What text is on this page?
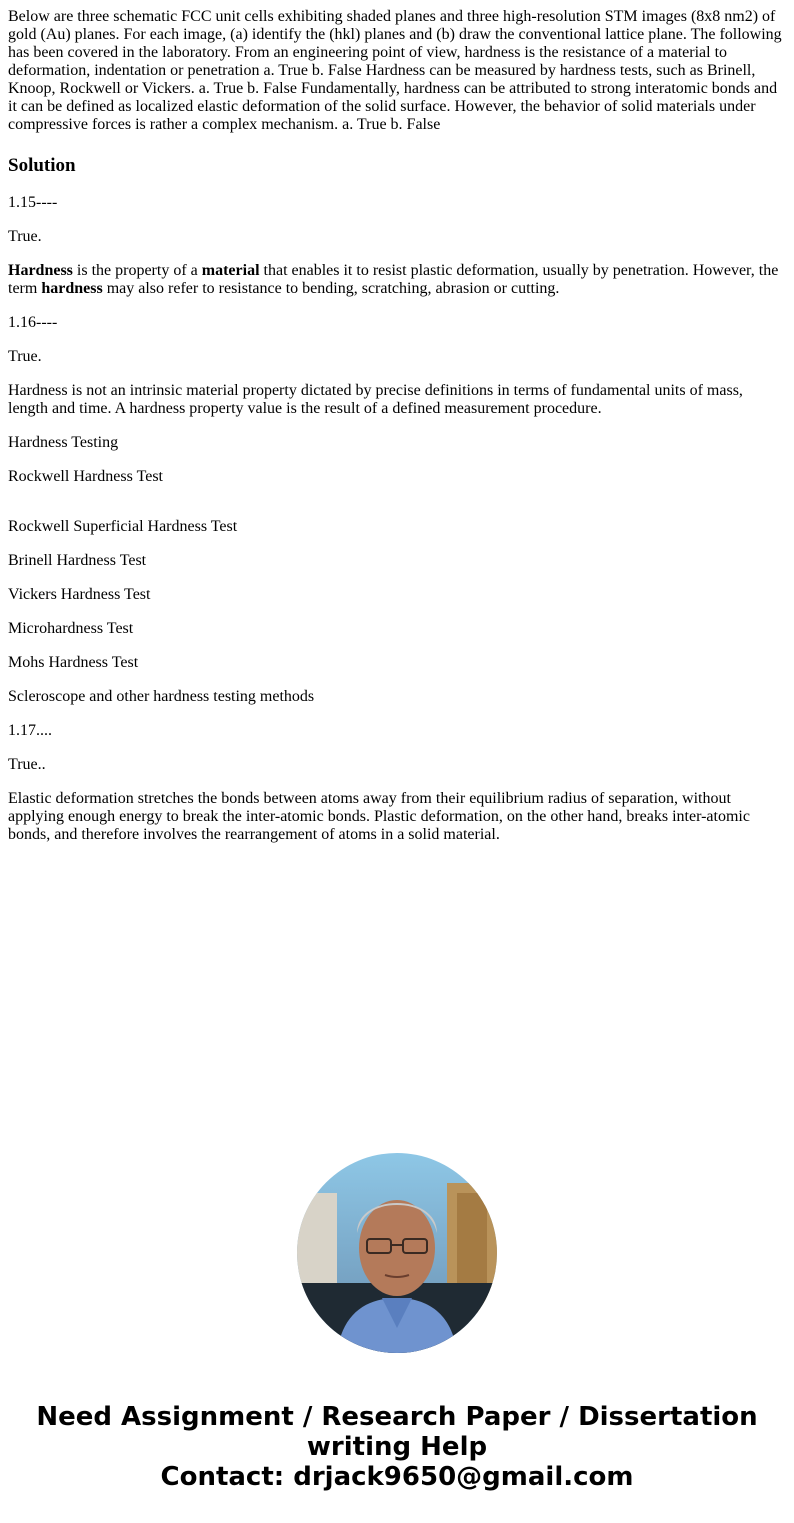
Below are three schematic FCC unit cells exhibiting shaded planes and three high-resolution STM images (8x8 nm2) of gold (Au) planes. For each image, (a) identify the (hkl) planes and (b) draw the conventional lattice plane. The following has been covered in the laboratory. From an engineering point of view, hardness is the resistance of a material to deformation, indentation or penetration a. True b. False Hardness can be measured by hardness tests, such as Brinell, Knoop, Rockwell or Vickers. a. True b. False Fundamentally, hardness can be attributed to strong interatomic bonds and it can be defined as localized elastic deformation of the solid surface. However, the behavior of solid materials under compressive forces is rather a complex mechanism. a. True b. False

Solution

1.15----

True.

Hardness is the property of a material that enables it to resist plastic deformation, usually by penetration. However, the term hardness may also refer to resistance to bending, scratching, abrasion or cutting.

1.16----

True.

Hardness is not an intrinsic material property dictated by precise definitions in terms of fundamental units of mass, length and time. A hardness property value is the result of a defined measurement procedure.

Hardness Testing

Rockwell Hardness Test

Rockwell Superficial Hardness Test

Brinell Hardness Test

Vickers Hardness Test

Microhardness Test

Mohs Hardness Test

Scleroscope and other hardness testing methods

1.17....

True..

Elastic deformation stretches the bonds between atoms away from their equilibrium radius of separation, without applying enough energy to break the inter-atomic bonds. Plastic deformation, on the other hand, breaks inter-atomic bonds, and therefore involves the rearrangement of atoms in a solid material.

Need Assignment / Research Paper / Dissertation
writing Help
Contact: drjack9650@gmail.com
